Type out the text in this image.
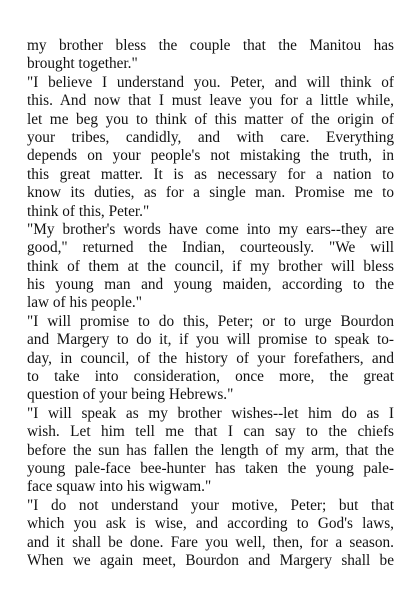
my brother bless the couple that the Manitou has
brought together."
"I believe I understand you. Peter, and will think of
this. And now that I must leave you for a little while,
let me beg you to think of this matter of the origin of
your tribes, candidly, and with care. Everything
depends on your people's not mistaking the truth, in
this great matter. It is as necessary for a nation to
know its duties, as for a single man. Promise me to
think of this, Peter."
"My brother's words have come into my ears--they are
good," returned the Indian, courteously. "We will
think of them at the council, if my brother will bless
his young man and young maiden, according to the
law of his people."
"I will promise to do this, Peter; or to urge Bourdon
and Margery to do it, if you will promise to speak to-
day, in council, of the history of your forefathers, and
to take into consideration, once more, the great
question of your being Hebrews."
"I will speak as my brother wishes--let him do as I
wish. Let him tell me that I can say to the chiefs
before the sun has fallen the length of my arm, that the
young pale-face bee-hunter has taken the young pale-
face squaw into his wigwam."
"I do not understand your motive, Peter; but that
which you ask is wise, and according to God's laws,
and it shall be done. Fare you well, then, for a season.
When we again meet, Bourdon and Margery shall be
